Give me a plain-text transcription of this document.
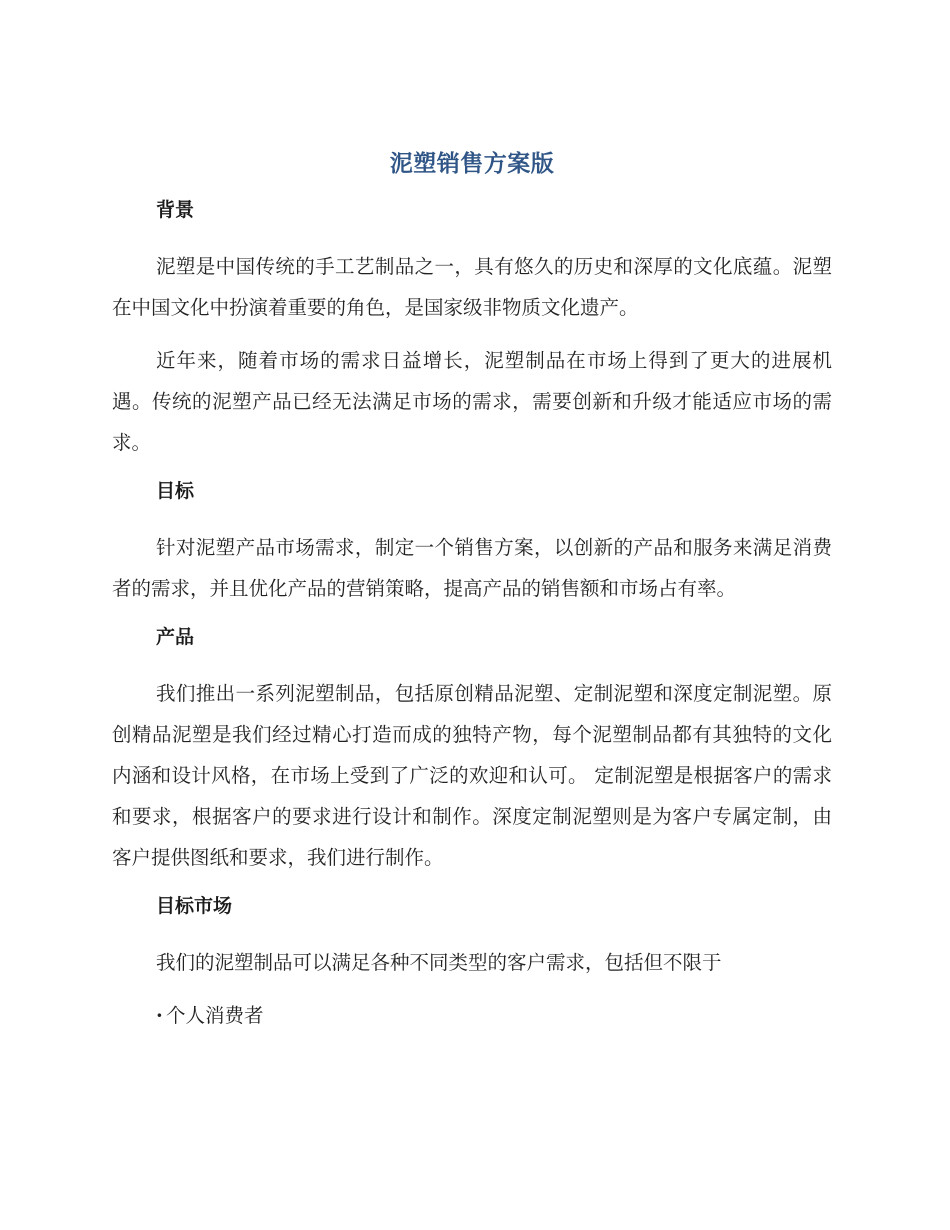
泥塑销售方案版
背景

泥塑是中国传统的手工艺制品之一，具有悠久的历史和深厚的文化底蕴。泥塑在中国文化中扮演着重要的角色，是国家级非物质文化遗产。

近年来，随着市场的需求日益增长，泥塑制品在市场上得到了更大的进展机遇。传统的泥塑产品已经无法满足市场的需求，需要创新和升级才能适应市场的需求。

目标

针对泥塑产品市场需求，制定一个销售方案，以创新的产品和服务来满足消费者的需求，并且优化产品的营销策略，提高产品的销售额和市场占有率。

产品

我们推出一系列泥塑制品，包括原创精品泥塑、定制泥塑和深度定制泥塑。原创精品泥塑是我们经过精心打造而成的独特产物，每个泥塑制品都有其独特的文化内涵和设计风格，在市场上受到了广泛的欢迎和认可。 定制泥塑是根据客户的需求和要求，根据客户的要求进行设计和制作。深度定制泥塑则是为客户专属定制，由客户提供图纸和要求，我们进行制作。

目标市场

我们的泥塑制品可以满足各种不同类型的客户需求，包括但不限于

· 个人消费者
